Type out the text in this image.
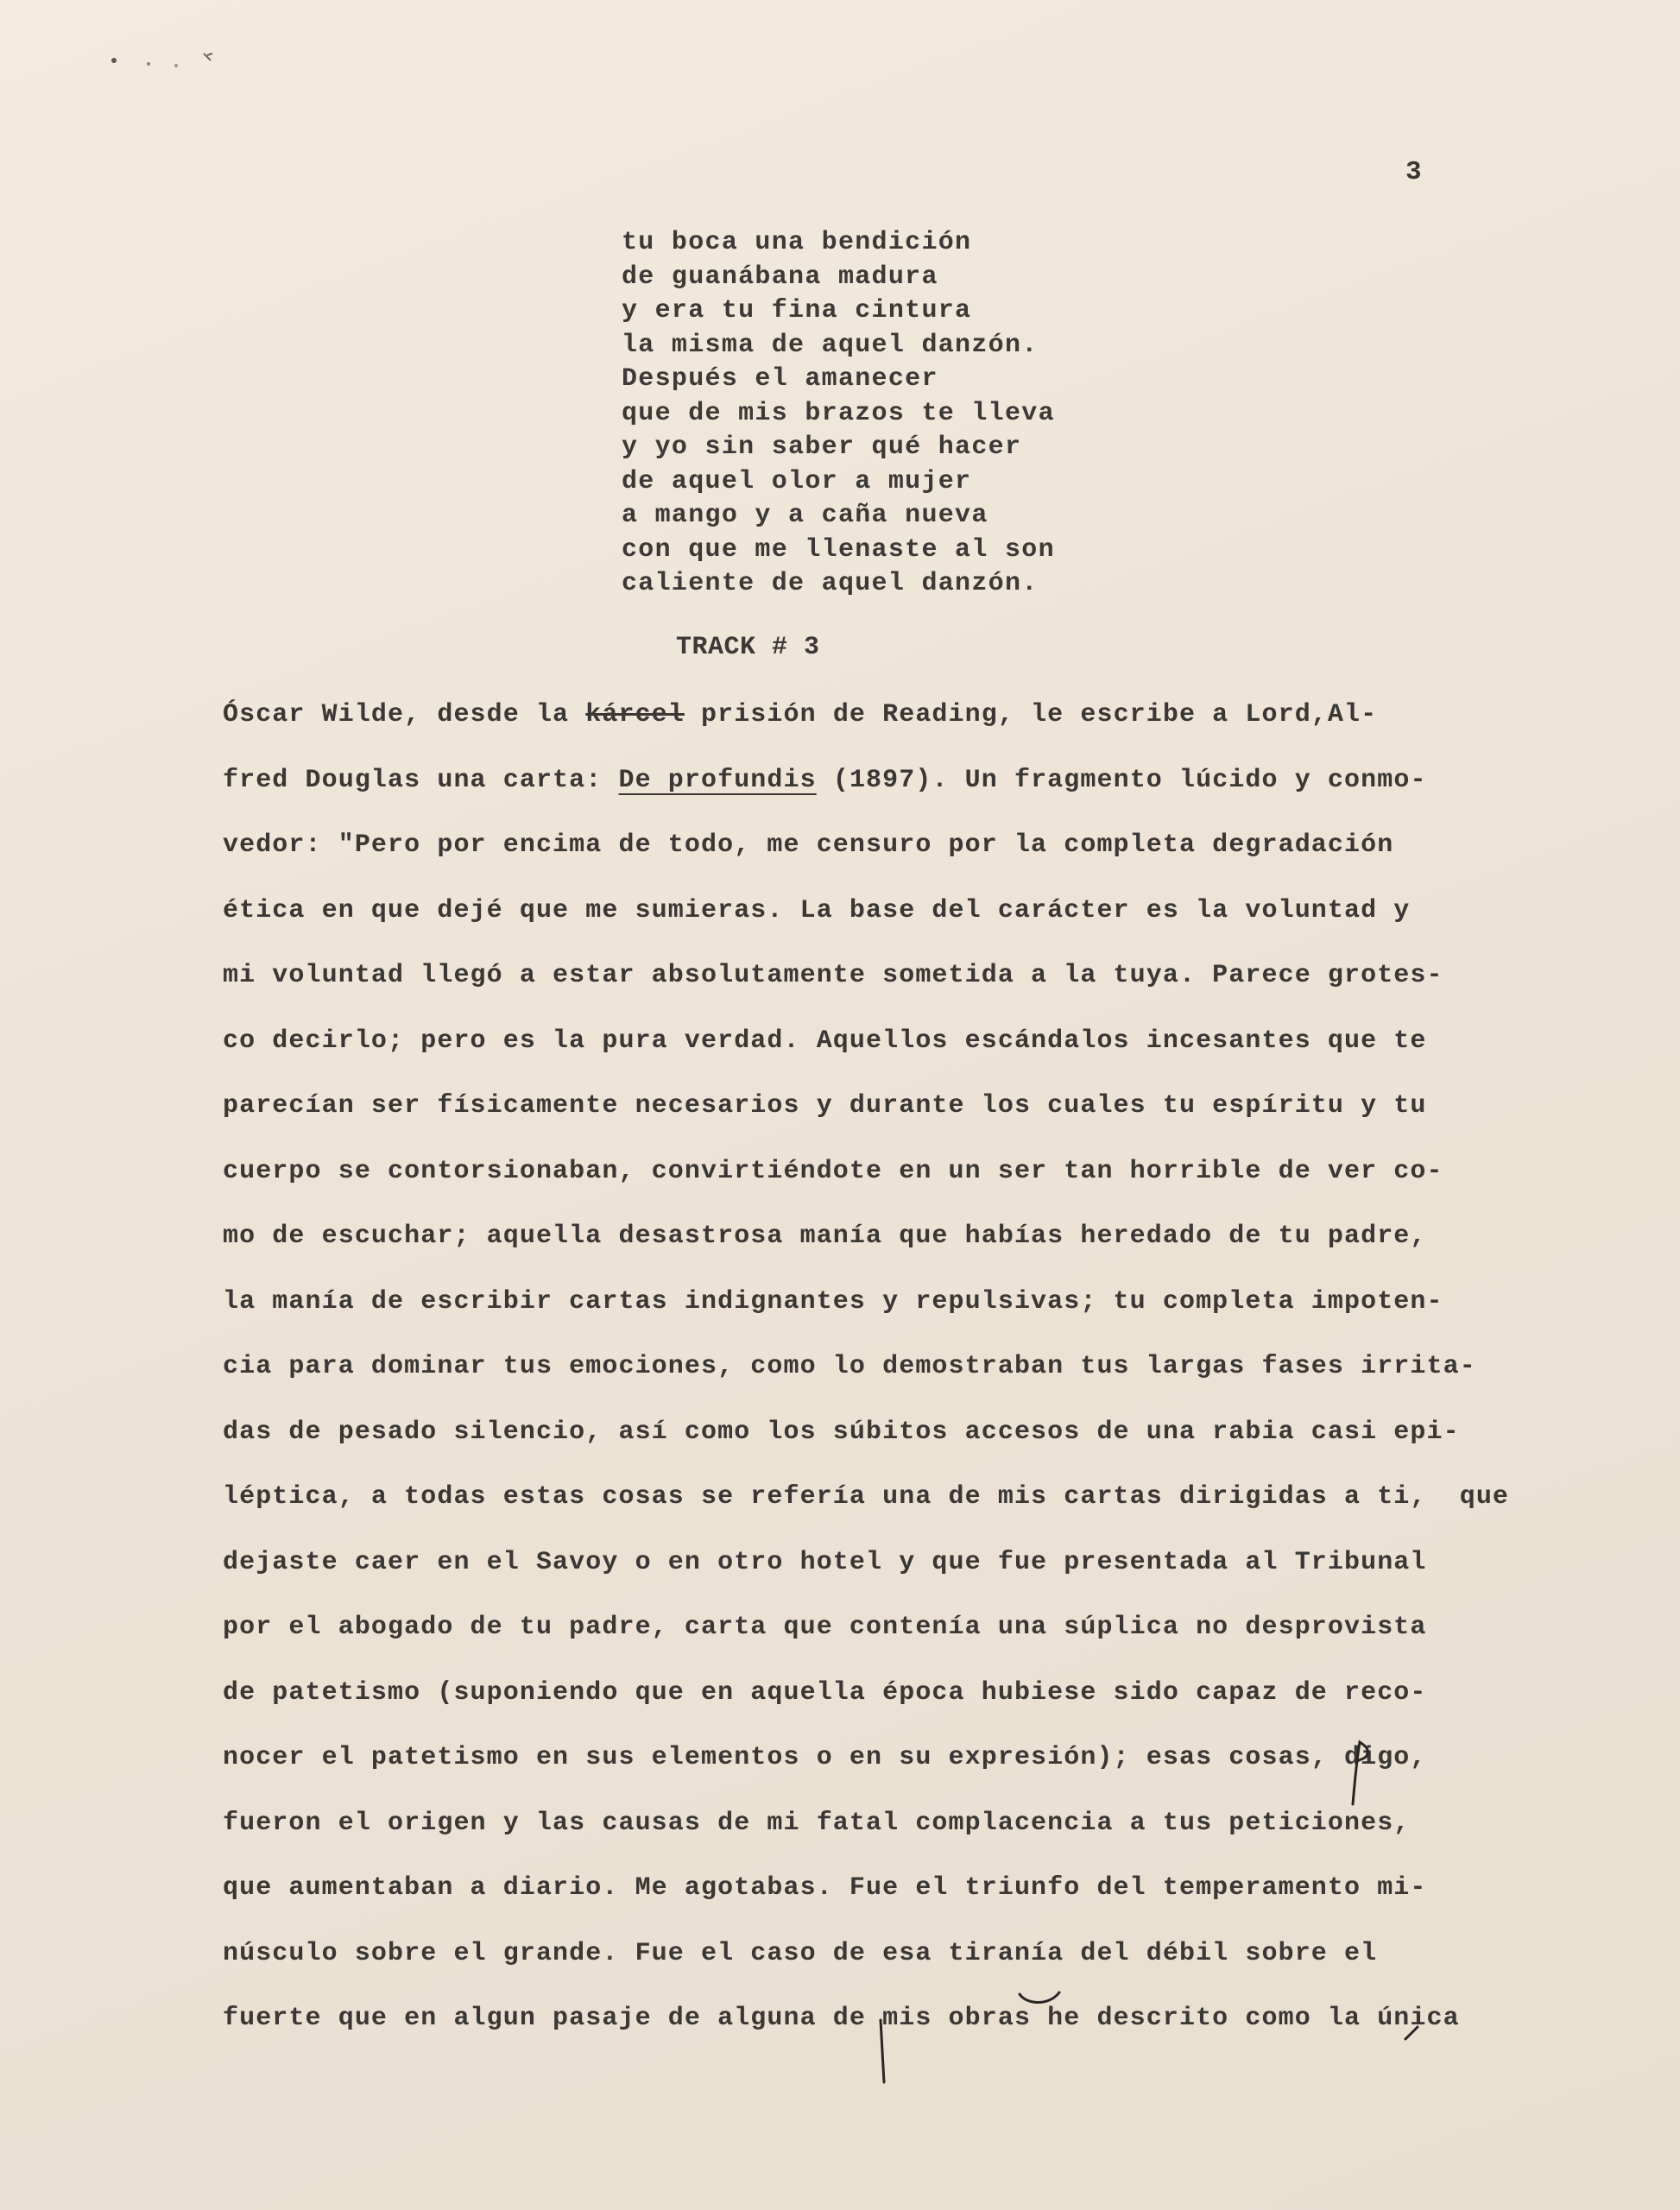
3
tu boca una bendición
de guanábana madura
y era tu fina cintura
la misma de aquel danzón.
Después el amanecer
que de mis brazos te lleva
y yo sin saber qué hacer
de aquel olor a mujer
a mango y a caña nueva
con que me llenaste al son
caliente de aquel danzón.
TRACK # 3
Óscar Wilde, desde la kárcel prisión de Reading, le escribe a Lord,Al-
fred Douglas una carta: De profundis (1897). Un fragmento lúcido y conmo-
vedor: "Pero por encima de todo, me censuro por la completa degradación
ética en que dejé que me sumieras. La base del carácter es la voluntad y
mi voluntad llegó a estar absolutamente sometida a la tuya. Parece grotes-
co decirlo; pero es la pura verdad. Aquellos escándalos incesantes que te
parecían ser físicamente necesarios y durante los cuales tu espíritu y tu
cuerpo se contorsionaban, convirtiéndote en un ser tan horrible de ver co-
mo de escuchar; aquella desastrosa manía que habías heredado de tu padre,
la manía de escribir cartas indignantes y repulsivas; tu completa impoten-
cia para dominar tus emociones, como lo demostraban tus largas fases irrita-
das de pesado silencio, así como los súbitos accesos de una rabia casi epi-
léptica, a todas estas cosas se refería una de mis cartas dirigidas a ti,  que
dejaste caer en el Savoy o en otro hotel y que fue presentada al Tribunal
por el abogado de tu padre, carta que contenía una súplica no desprovista
de patetismo (suponiendo que en aquella época hubiese sido capaz de reco-
nocer el patetismo en sus elementos o en su expresión); esas cosas, digo,
fueron el origen y las causas de mi fatal complacencia a tus peticiones,
que aumentaban a diario. Me agotabas. Fue el triunfo del temperamento mi-
núsculo sobre el grande. Fue el caso de esa tiranía del débil sobre el
fuerte que en algun pasaje de alguna de mis obras he descrito como la única
